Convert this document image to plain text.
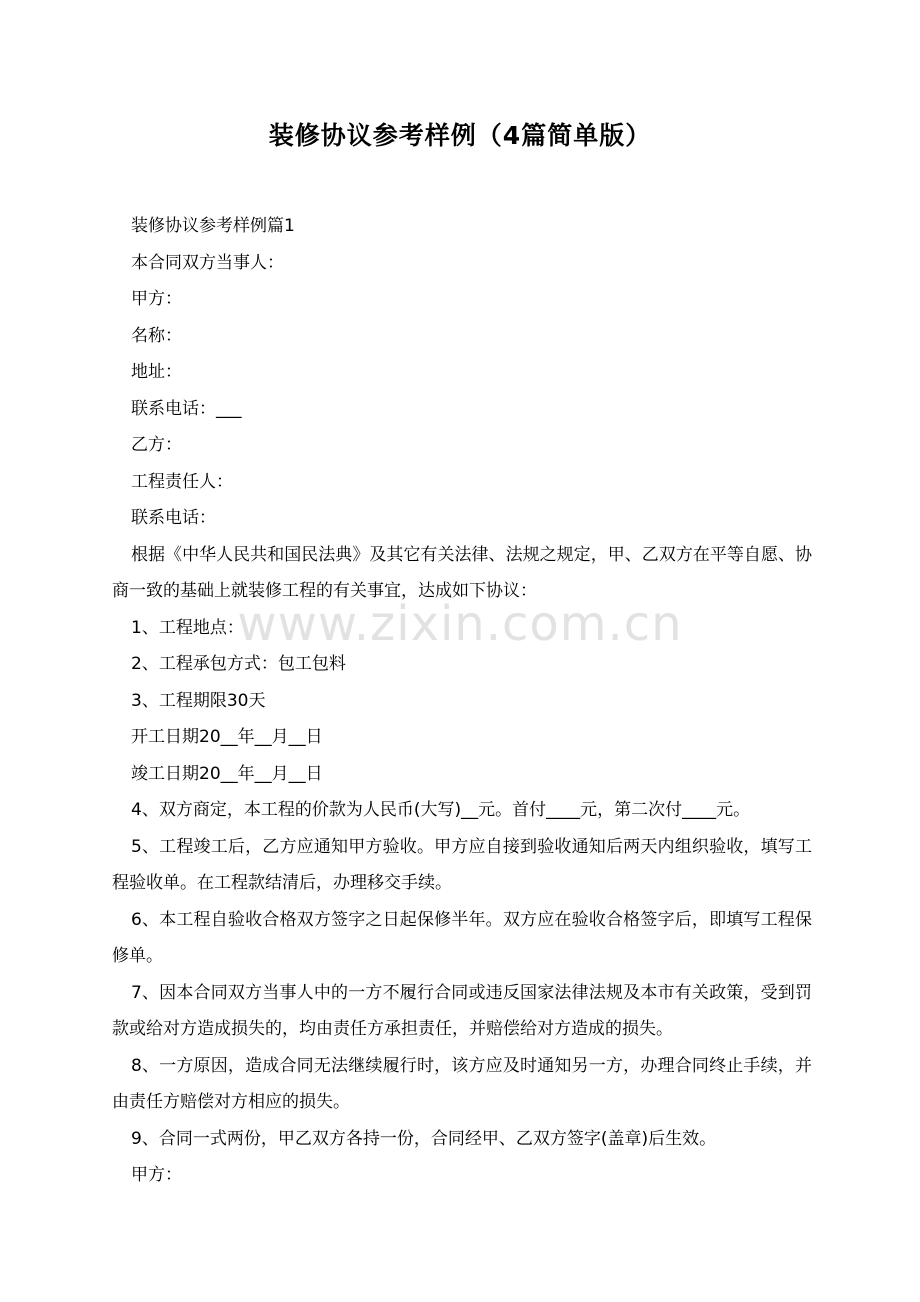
装修协议参考样例（4篇简单版）
www.zixin.com.cn

装修协议参考样例篇1

本合同双方当事人：

甲方：

名称：

地址：

联系电话：___

乙方：

工程责任人：

联系电话：

根据《中华人民共和国民法典》及其它有关法律、法规之规定，甲、乙双方在平等自愿、协商一致的基础上就装修工程的有关事宜，达成如下协议：

1、工程地点：

2、工程承包方式：包工包料

3、工程期限30天

开工日期20__年__月__日

竣工日期20__年__月__日

4、双方商定，本工程的价款为人民币(大写)__元。首付____元，第二次付____元。

5、工程竣工后，乙方应通知甲方验收。甲方应自接到验收通知后两天内组织验收，填写工程验收单。在工程款结清后，办理移交手续。

6、本工程自验收合格双方签字之日起保修半年。双方应在验收合格签字后，即填写工程保修单。

7、因本合同双方当事人中的一方不履行合同或违反国家法律法规及本市有关政策，受到罚款或给对方造成损失的，均由责任方承担责任，并赔偿给对方造成的损失。

8、一方原因，造成合同无法继续履行时，该方应及时通知另一方，办理合同终止手续，并由责任方赔偿对方相应的损失。

9、合同一式两份，甲乙双方各持一份，合同经甲、乙双方签字(盖章)后生效。

甲方：
